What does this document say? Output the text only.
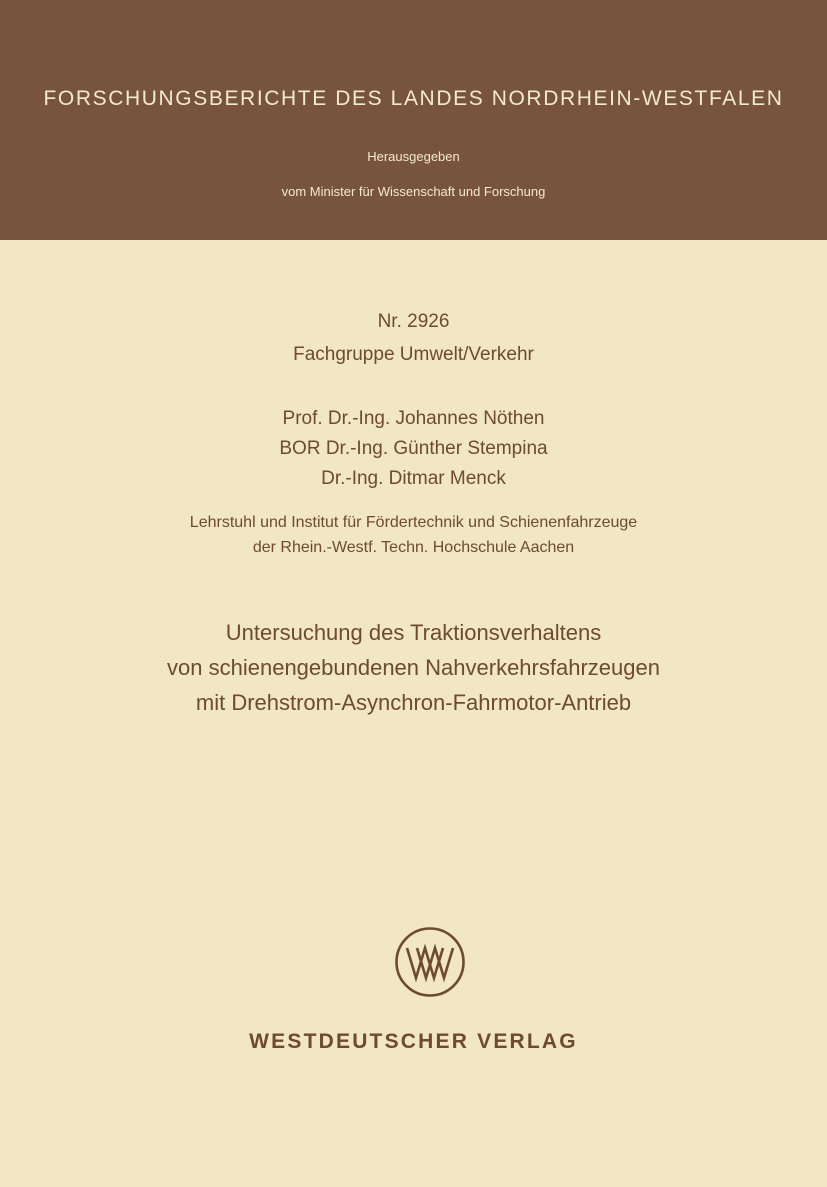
FORSCHUNGSBERICHTE DES LANDES NORDRHEIN-WESTFALEN
Herausgegeben
vom Minister für Wissenschaft und Forschung
Nr. 2926
Fachgruppe Umwelt/Verkehr
Prof. Dr.-Ing. Johannes Nöthen
BOR Dr.-Ing. Günther Stempina
Dr.-Ing. Ditmar Menck
Lehrstuhl und Institut für Fördertechnik und Schienenfahrzeuge
der Rhein.-Westf. Techn. Hochschule Aachen
Untersuchung des Traktionsverhaltens
von schienengebundenen Nahverkehrsfahrzeugen
mit Drehstrom-Asynchron-Fahrmotor-Antrieb
WESTDEUTSCHER VERLAG
